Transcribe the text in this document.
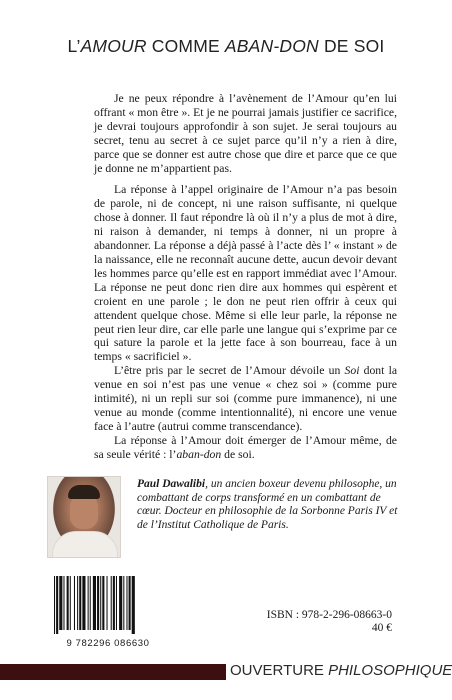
L’AMOUR COMME ABAN-DON DE SOI

Je ne peux répondre à l’avènement de l’Amour qu’en lui offrant « mon être ». Et je ne pourrai jamais justifier ce sacrifice, je devrai toujours approfondir à son sujet. Je serai toujours au secret, tenu au secret à ce sujet parce qu’il n’y a rien à dire, parce que se donner est autre chose que dire et parce que ce que je donne ne m’appartient pas.

La réponse à l’appel originaire de l’Amour n’a pas besoin de parole, ni de concept, ni une raison suffisante, ni quelque chose à donner. Il faut répondre là où il n’y a plus de mot à dire, ni raison à demander, ni temps à donner, ni un propre à abandonner. La réponse a déjà passé à l’acte dès l’ « instant » de la naissance, elle ne reconnaît aucune dette, aucun devoir devant les hommes parce qu’elle est en rapport immédiat avec l’Amour. La réponse ne peut donc rien dire aux hommes qui espèrent et croient en une parole ; le don ne peut rien offrir à ceux qui attendent quelque chose. Même si elle leur parle, la réponse ne peut rien leur dire, car elle parle une langue qui s’exprime par ce qui sature la parole et la jette face à son bourreau, face à un temps « sacrificiel ».

L’être pris par le secret de l’Amour dévoile un Soi dont la venue en soi n’est pas une venue « chez soi » (comme pure intimité), ni un repli sur soi (comme pure immanence), ni une venue au monde (comme intentionnalité), ni encore une venue face à l’autre (autrui comme transcendance).

La réponse à l’Amour doit émerger de l’Amour même, de sa seule vérité : l’aban-don de soi.

Paul Dawalibi, un ancien boxeur devenu philosophe, un combattant de corps transformé en un combattant de cœur. Docteur en philosophie de la Sorbonne Paris IV et de l’Institut Catholique de Paris.
9 782296 086630
ISBN : 978-2-296-08663-0
40 €
OUVERTURE PHILOSOPHIQUE
